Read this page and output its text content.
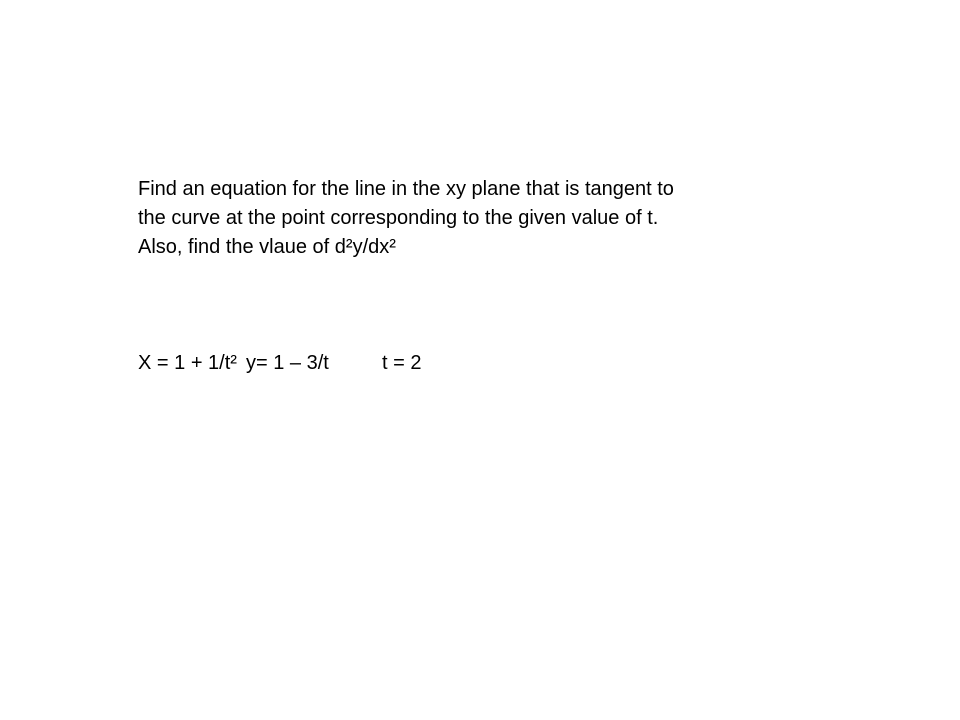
Find an equation for the line in the xy plane that is tangent to
the curve at the point corresponding to the given value of t.
Also, find the vlaue of d²y/dx²
X = 1 + 1/t² y= 1 – 3/t	t = 2
